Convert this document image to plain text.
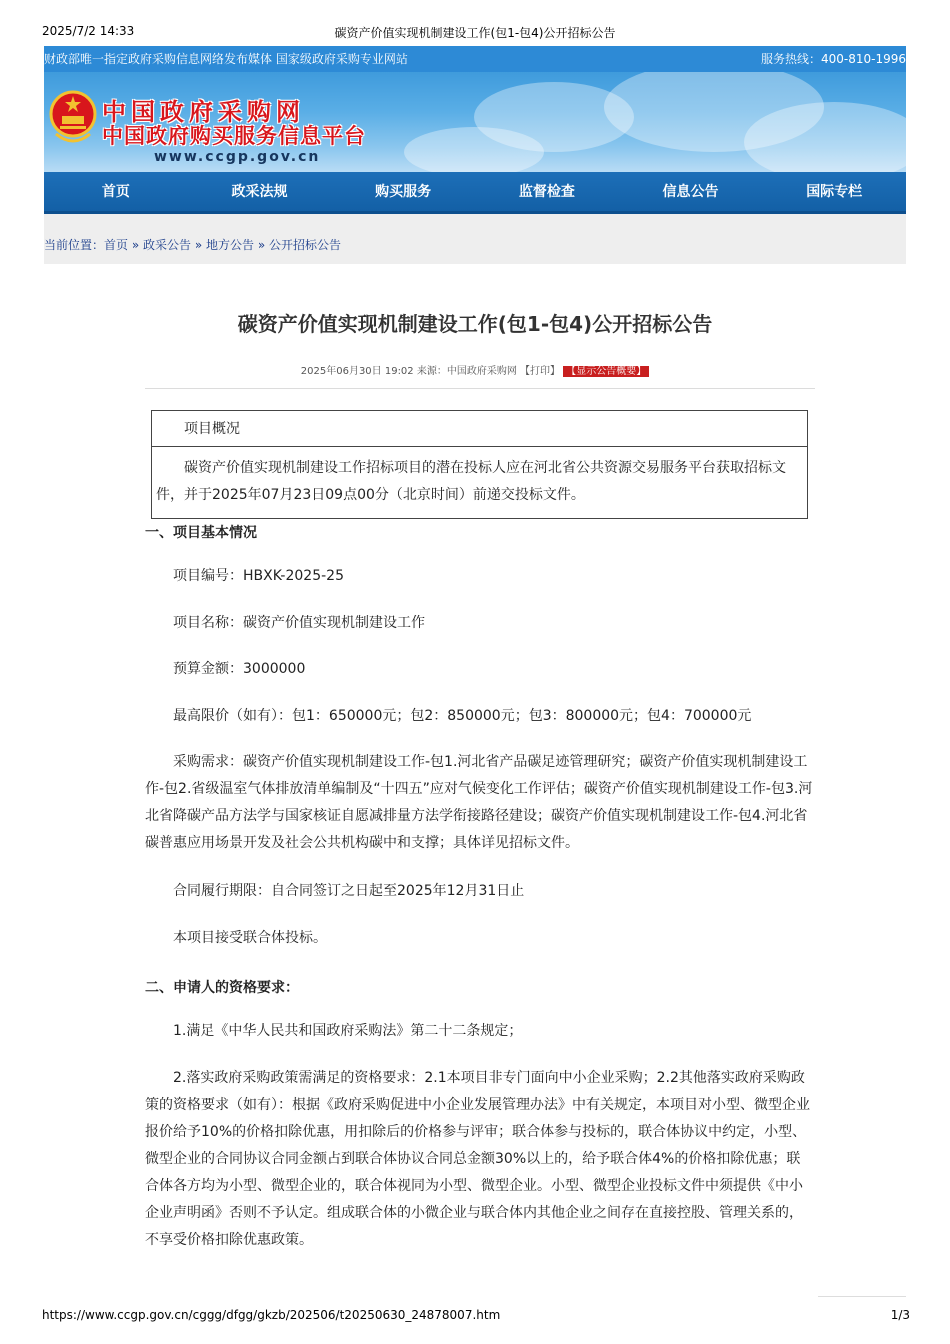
2025/7/2 14:33	碳资产价值实现机制建设工作(包1-包4)公开招标公告
财政部唯一指定政府采购信息网络发布媒体 国家级政府采购专业网站	服务热线：400-810-1996
中国政府采购网
中国政府购买服务信息平台
www.ccgp.gov.cn
首页	政采法规	购买服务	监督检查	信息公告	国际专栏
当前位置：首页 » 政采公告 » 地方公告 » 公开招标公告
碳资产价值实现机制建设工作(包1-包4)公开招标公告
2025年06月30日 19:02 来源：中国政府采购网 【打印】 【显示公告概要】
项目概况
碳资产价值实现机制建设工作招标项目的潜在投标人应在河北省公共资源交易服务平台获取招标文件，并于2025年07月23日09点00分（北京时间）前递交投标文件。
一、项目基本情况
项目编号：HBXK-2025-25
项目名称：碳资产价值实现机制建设工作
预算金额：3000000
最高限价（如有）：包1：650000元；包2：850000元；包3：800000元；包4：700000元
采购需求：碳资产价值实现机制建设工作-包1.河北省产品碳足迹管理研究；碳资产价值实现机制建设工作-包2.省级温室气体排放清单编制及“十四五”应对气候变化工作评估；碳资产价值实现机制建设工作-包3.河北省降碳产品方法学与国家核证自愿减排量方法学衔接路径建设；碳资产价值实现机制建设工作-包4.河北省碳普惠应用场景开发及社会公共机构碳中和支撑；具体详见招标文件。
合同履行期限：自合同签订之日起至2025年12月31日止
本项目接受联合体投标。
二、申请人的资格要求：
1.满足《中华人民共和国政府采购法》第二十二条规定；
2.落实政府采购政策需满足的资格要求：2.1本项目非专门面向中小企业采购；2.2其他落实政府采购政策的资格要求（如有）：根据《政府采购促进中小企业发展管理办法》中有关规定，本项目对小型、微型企业报价给予10%的价格扣除优惠，用扣除后的价格参与评审；联合体参与投标的，联合体协议中约定，小型、微型企业的合同协议合同金额占到联合体协议合同总金额30%以上的，给予联合体4%的价格扣除优惠；联合体各方均为小型、微型企业的，联合体视同为小型、微型企业。小型、微型企业投标文件中须提供《中小企业声明函》否则不予认定。组成联合体的小微企业与联合体内其他企业之间存在直接控股、管理关系的，不享受价格扣除优惠政策。
https://www.ccgp.gov.cn/cggg/dfgg/gkzb/202506/t20250630_24878007.htm	1/3
